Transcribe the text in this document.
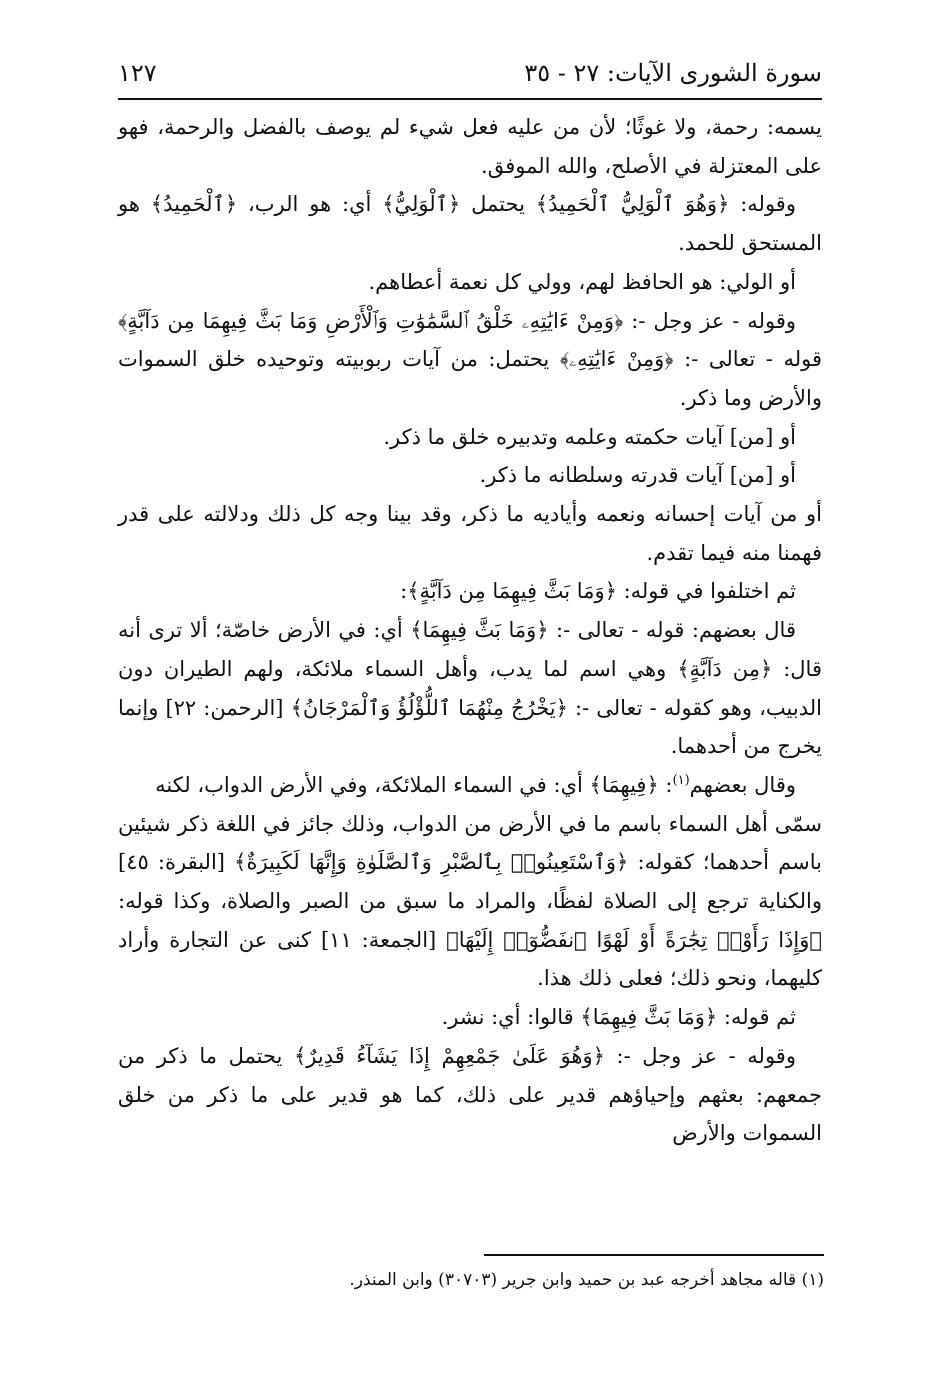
١٢٧	سورة الشورى الآيات: ٢٧ - ٣٥

يسمه: رحمة، ولا غوثًا؛ لأن من عليه فعل شيء لم يوصف بالفضل والرحمة، فهو على المعتزلة في الأصلح، والله الموفق.

وقوله: ﴿وَهُوَ ٱلْوَلِيُّ ٱلْحَمِيدُ﴾ يحتمل ﴿ٱلْوَلِيُّ﴾ أي: هو الرب، ﴿ٱلْحَمِيدُ﴾ هو المستحق للحمد.

أو الولي: هو الحافظ لهم، وولي كل نعمة أعطاهم.

وقوله - عز وجل -: ﴿وَمِنْ ءَايَٰتِهِۦ خَلْقُ ٱلسَّمَٰوَٰتِ وَٱلْأَرْضِ وَمَا بَثَّ فِيهِمَا مِن دَآبَّةٍ﴾ قوله - تعالى -: ﴿وَمِنْ ءَايَٰتِهِۦ﴾ يحتمل: من آيات ربوبيته وتوحيده خلق السموات والأرض وما ذكر.

أو [من] آيات حكمته وعلمه وتدبيره خلق ما ذكر.

أو [من] آيات قدرته وسلطانه ما ذكر.

أو من آيات إحسانه ونعمه وأياديه ما ذكر، وقد بينا وجه كل ذلك ودلالته على قدر فهمنا منه فيما تقدم.

ثم اختلفوا في قوله: ﴿وَمَا بَثَّ فِيهِمَا مِن دَآبَّةٍ﴾:

قال بعضهم: قوله - تعالى -: ﴿وَمَا بَثَّ فِيهِمَا﴾ أي: في الأرض خاصّة؛ ألا ترى أنه قال: ﴿مِن دَآبَّةٍ﴾ وهي اسم لما يدب، وأهل السماء ملائكة، ولهم الطيران دون الدبيب، وهو كقوله - تعالى -: ﴿يَخْرُجُ مِنْهُمَا ٱللُّؤْلُؤُ وَٱلْمَرْجَانُ﴾ [الرحمن: ٢٢] وإنما يخرج من أحدهما.

وقال بعضهم$^{(١)}$: ﴿فِيهِمَا﴾ أي: في السماء الملائكة، وفي الأرض الدواب، لكنه

سمّى أهل السماء باسم ما في الأرض من الدواب، وذلك جائز في اللغة ذكر شيئين باسم أحدهما؛ كقوله: ﴿وَٱسْتَعِينُوا۟ بِٱلصَّبْرِ وَٱلصَّلَوٰةِ وَإِنَّهَا لَكَبِيرَةٌ﴾ [البقرة: ٤٥] والكناية ترجع إلى الصلاة لفظًا، والمراد ما سبق من الصبر والصلاة، وكذا قوله: ﴿وَإِذَا رَأَوْا۟ تِجَٰرَةً أَوْ لَهْوًا ٱنفَضُّوٓا۟ إِلَيْهَا﴾ [الجمعة: ١١] كنى عن التجارة وأراد كليهما، ونحو ذلك؛ فعلى ذلك هذا.

ثم قوله: ﴿وَمَا بَثَّ فِيهِمَا﴾ قالوا: أي: نشر.

وقوله - عز وجل -: ﴿وَهُوَ عَلَىٰ جَمْعِهِمْ إِذَا يَشَآءُ قَدِيرٌ﴾ يحتمل ما ذكر من جمعهم: بعثهم وإحياؤهم قدير على ذلك، كما هو قدير على ما ذكر من خلق السموات والأرض

(١) قاله مجاهد أخرجه عبد بن حميد وابن جرير (٣٠٧٠٣) وابن المنذر.
